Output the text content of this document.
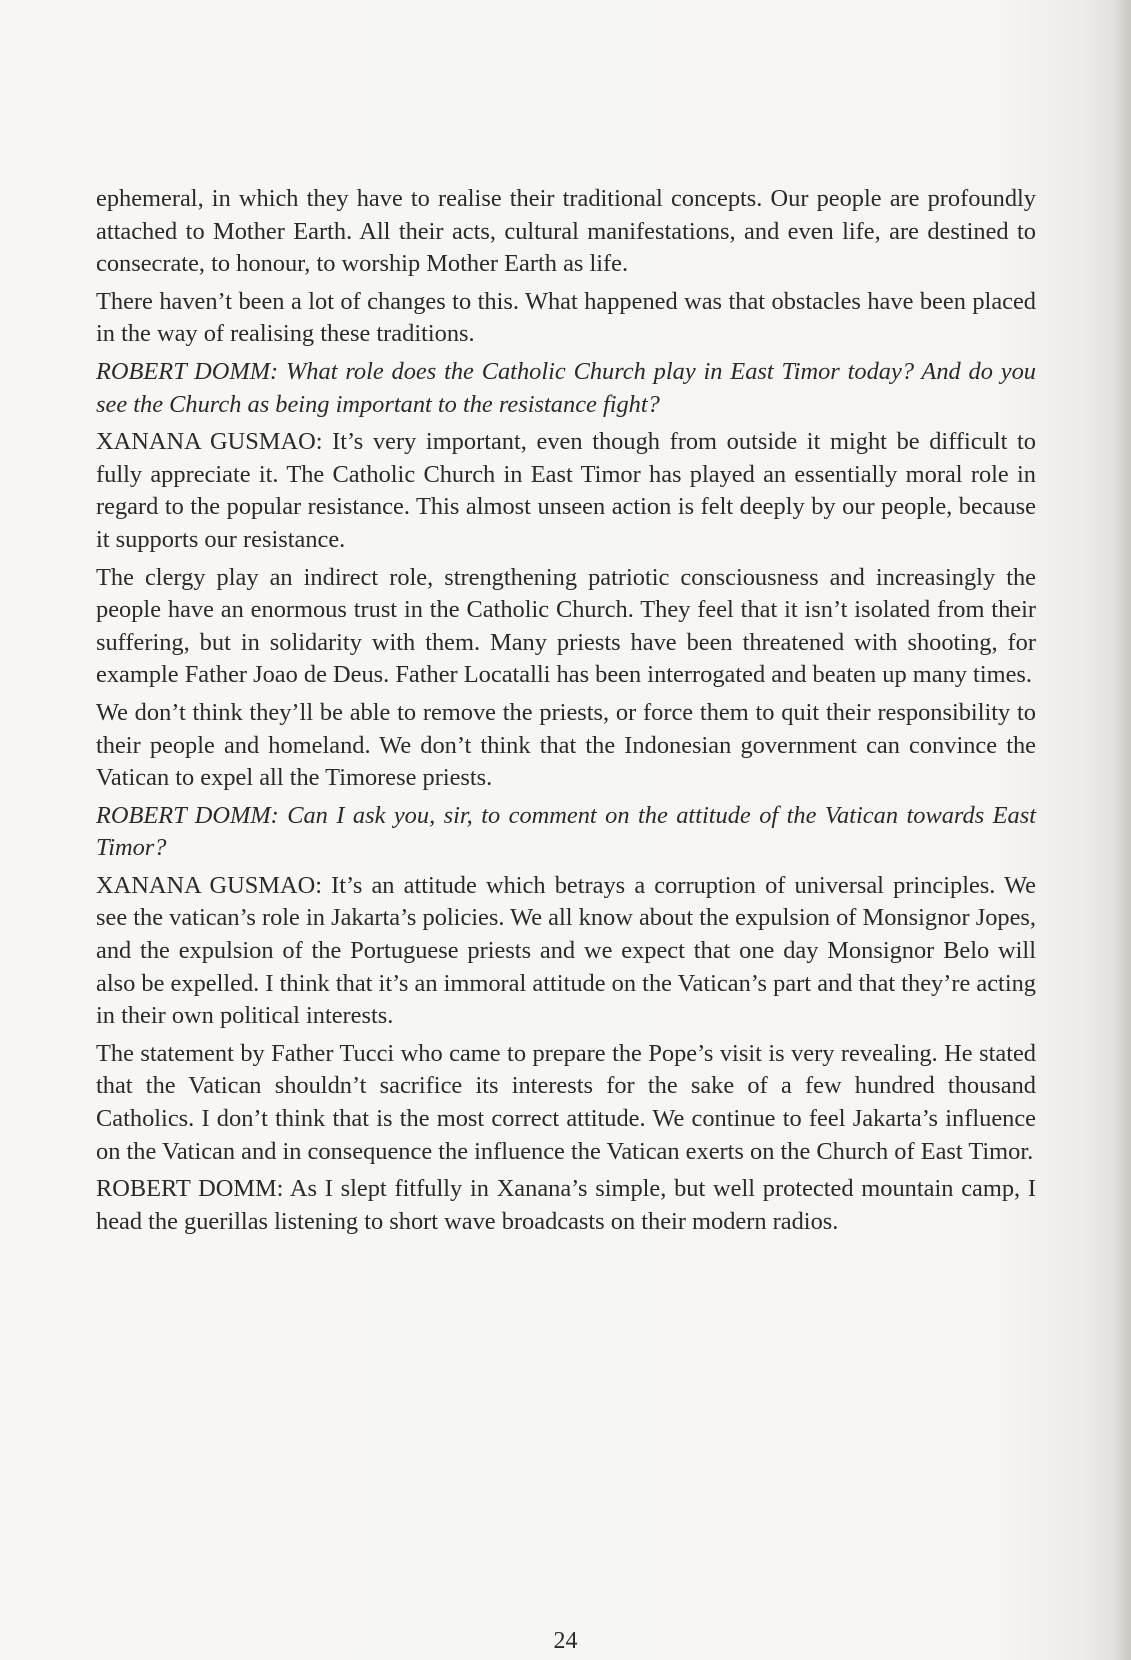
ephemeral, in which they have to realise their traditional concepts. Our people are profoundly attached to Mother Earth. All their acts, cultural manifestations, and even life, are destined to consecrate, to honour, to worship Mother Earth as life.

There haven’t been a lot of changes to this. What happened was that obstacles have been placed in the way of realising these traditions.

ROBERT DOMM: What role does the Catholic Church play in East Timor today? And do you see the Church as being important to the resistance fight?

XANANA GUSMAO: It’s very important, even though from outside it might be difficult to fully appreciate it. The Catholic Church in East Timor has played an essentially moral role in regard to the popular resistance. This almost unseen action is felt deeply by our people, because it supports our resistance.

The clergy play an indirect role, strengthening patriotic consciousness and increasingly the people have an enormous trust in the Catholic Church. They feel that it isn’t isolated from their suffering, but in solidarity with them. Many priests have been threatened with shooting, for example Father Joao de Deus. Father Locatalli has been interrogated and beaten up many times.

We don’t think they’ll be able to remove the priests, or force them to quit their responsibility to their people and homeland. We don’t think that the Indonesian government can convince the Vatican to expel all the Timorese priests.

ROBERT DOMM: Can I ask you, sir, to comment on the attitude of the Vatican towards East Timor?

XANANA GUSMAO: It’s an attitude which betrays a corruption of universal principles. We see the vatican’s role in Jakarta’s policies. We all know about the expulsion of Monsignor Jopes, and the expulsion of the Portuguese priests and we expect that one day Monsignor Belo will also be expelled. I think that it’s an immoral attitude on the Vatican’s part and that they’re acting in their own political interests.

The statement by Father Tucci who came to prepare the Pope’s visit is very revealing. He stated that the Vatican shouldn’t sacrifice its interests for the sake of a few hundred thousand Catholics. I don’t think that is the most correct attitude. We continue to feel Jakarta’s influence on the Vatican and in consequence the influence the Vatican exerts on the Church of East Timor.

ROBERT DOMM: As I slept fitfully in Xanana’s simple, but well protected mountain camp, I head the guerillas listening to short wave broadcasts on their modern radios.

24
